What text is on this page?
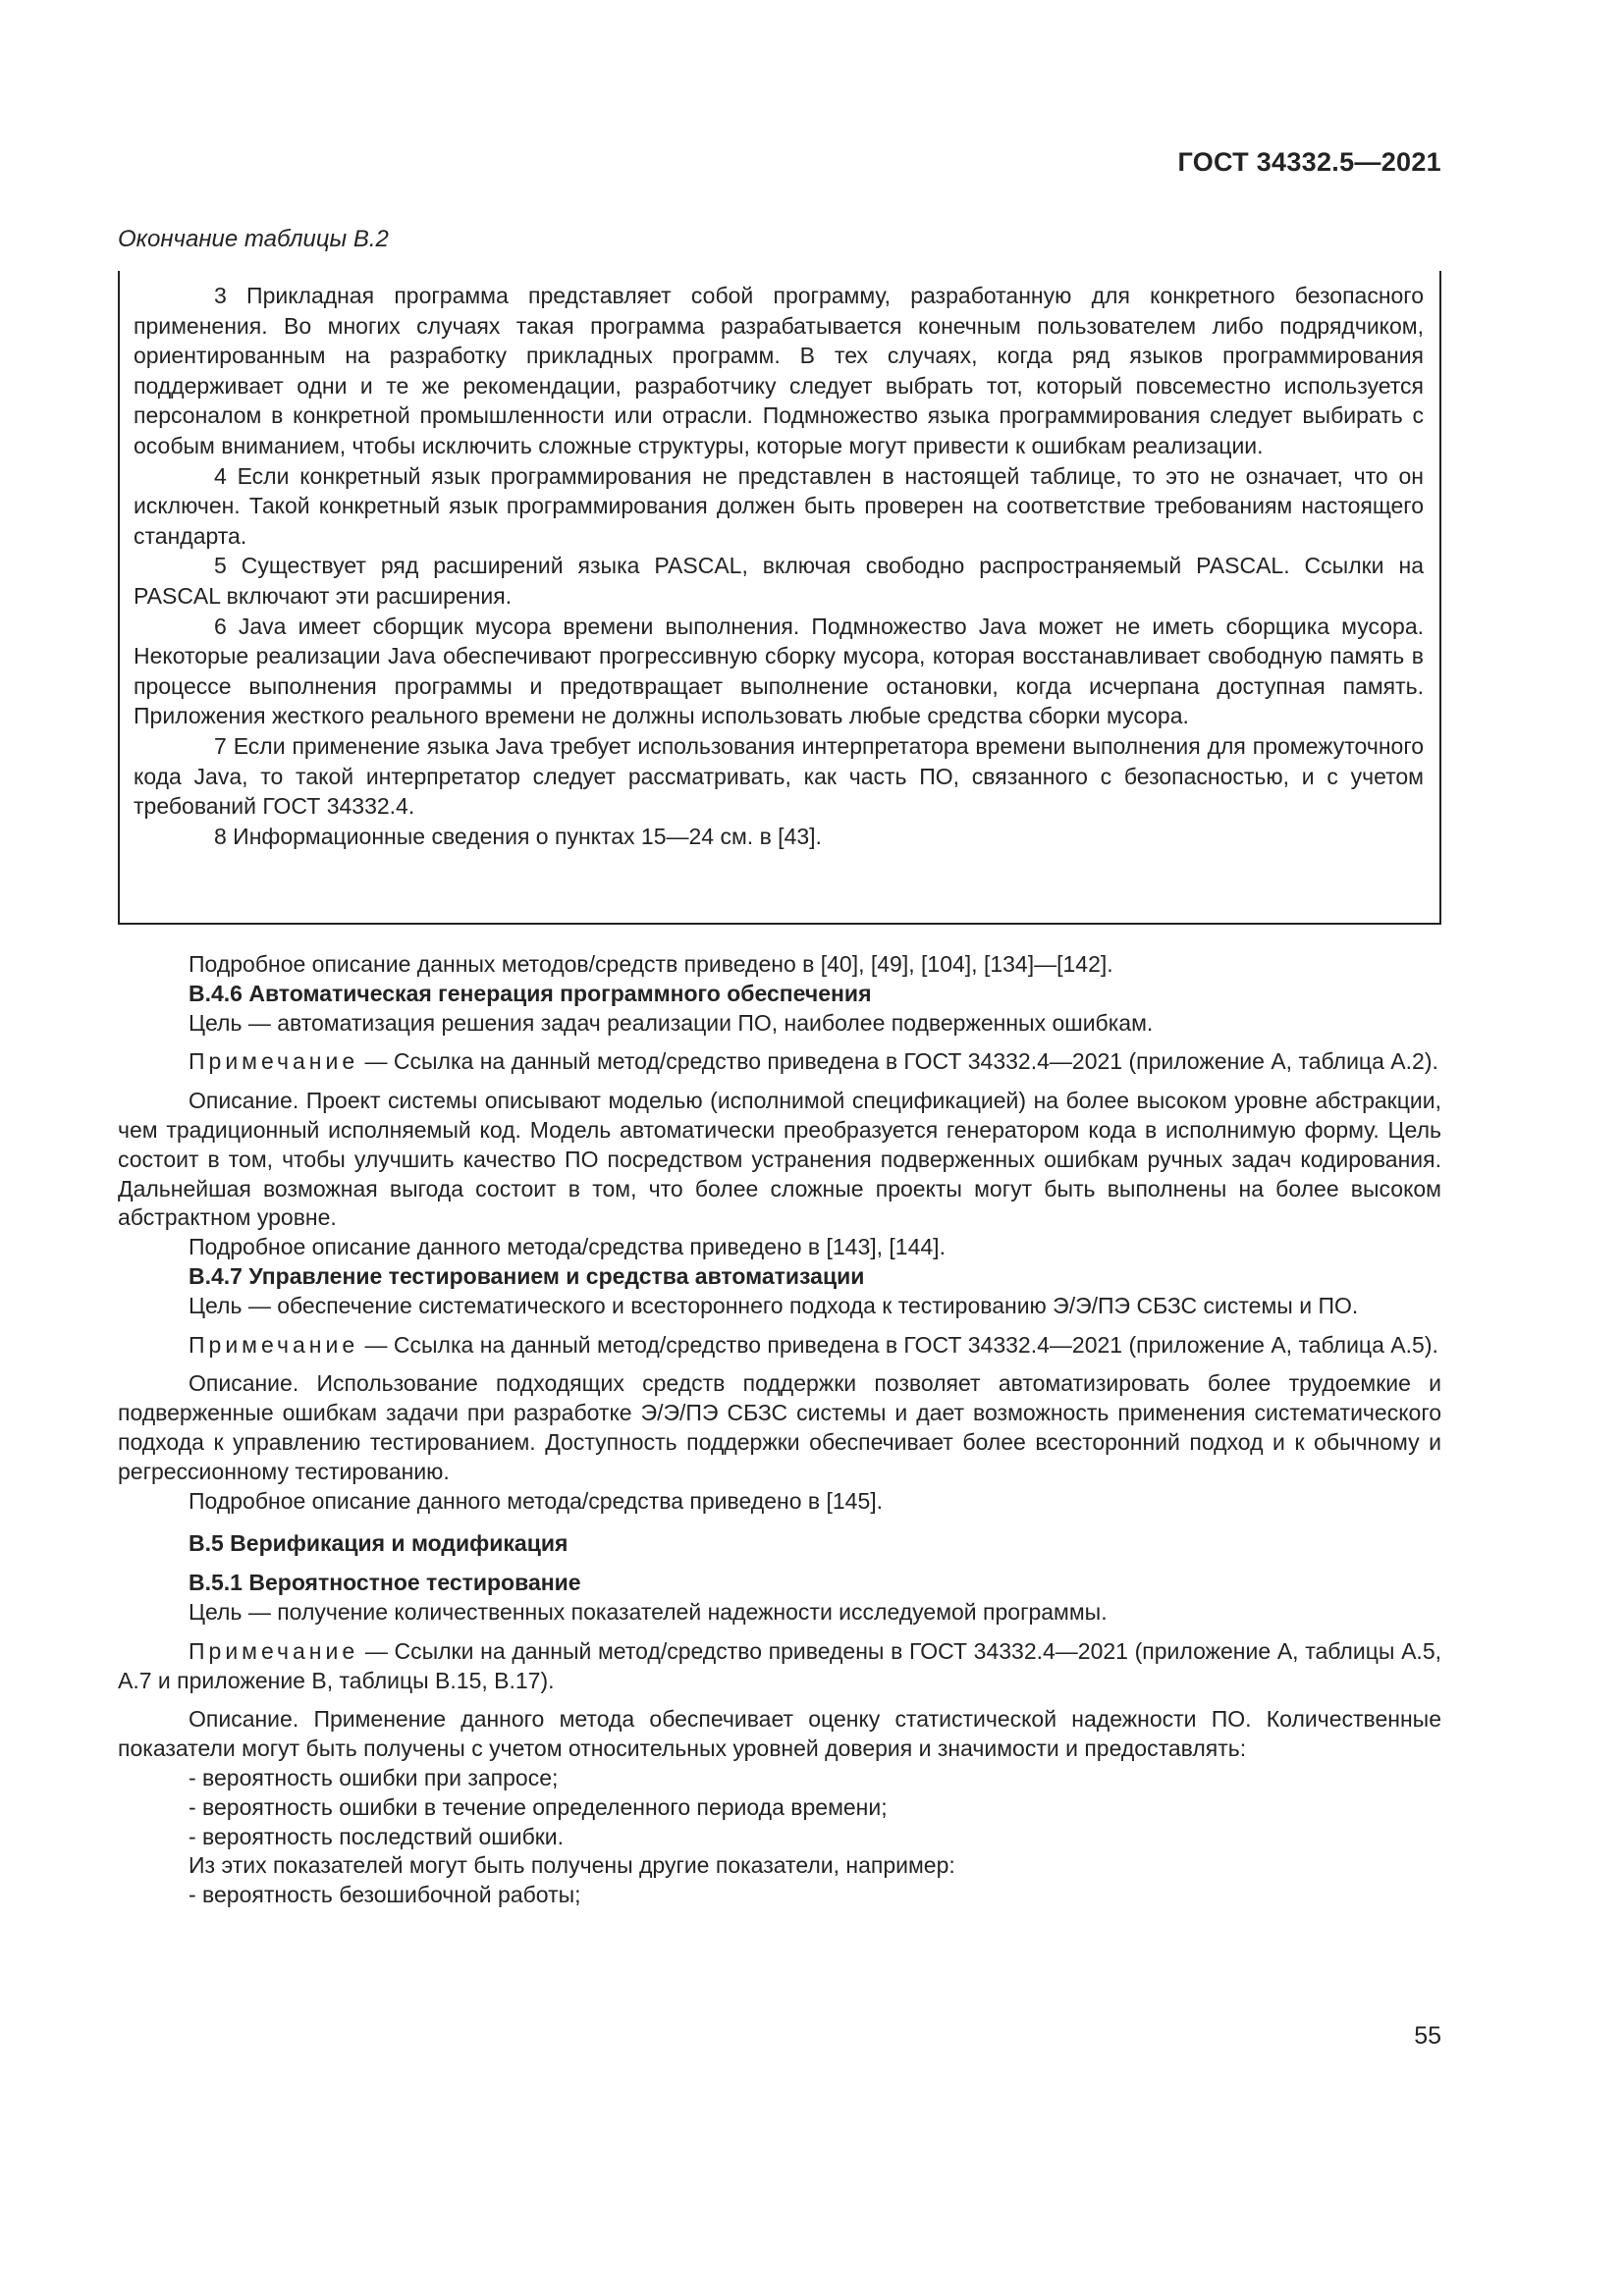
ГОСТ 34332.5—2021
Окончание таблицы В.2

3 Прикладная программа представляет собой программу, разработанную для конкретного безопасного применения. Во многих случаях такая программа разрабатывается конечным пользователем либо подрядчиком, ориентированным на разработку прикладных программ. В тех случаях, когда ряд языков программирования поддерживает одни и те же рекомендации, разработчику следует выбрать тот, который повсеместно используется персоналом в конкретной промышленности или отрасли. Подмножество языка программирования следует выбирать с особым вниманием, чтобы исключить сложные структуры, которые могут привести к ошибкам реализации.

4 Если конкретный язык программирования не представлен в настоящей таблице, то это не означает, что он исключен. Такой конкретный язык программирования должен быть проверен на соответствие требованиям настоящего стандарта.

5 Существует ряд расширений языка PASCAL, включая свободно распространяемый PASCAL. Ссылки на PASCAL включают эти расширения.

6 Java имеет сборщик мусора времени выполнения. Подмножество Java может не иметь сборщика мусора. Некоторые реализации Java обеспечивают прогрессивную сборку мусора, которая восстанавливает свободную память в процессе выполнения программы и предотвращает выполнение остановки, когда исчерпана доступная память. Приложения жесткого реального времени не должны использовать любые средства сборки мусора.

7 Если применение языка Java требует использования интерпретатора времени выполнения для промежуточного кода Java, то такой интерпретатор следует рассматривать, как часть ПО, связанного с безопасностью, и с учетом требований ГОСТ 34332.4.

8 Информационные сведения о пунктах 15—24 см. в [43].

Подробное описание данных методов/средств приведено в [40], [49], [104], [134]—[142].

В.4.6 Автоматическая генерация программного обеспечения

Цель — автоматизация решения задач реализации ПО, наиболее подверженных ошибкам.

Примечание — Ссылка на данный метод/средство приведена в ГОСТ 34332.4—2021 (приложение А, таблица А.2).

Описание. Проект системы описывают моделью (исполнимой спецификацией) на более высоком уровне абстракции, чем традиционный исполняемый код. Модель автоматически преобразуется генератором кода в исполнимую форму. Цель состоит в том, чтобы улучшить качество ПО посредством устранения подверженных ошибкам ручных задач кодирования. Дальнейшая возможная выгода состоит в том, что более сложные проекты могут быть выполнены на более высоком абстрактном уровне.

Подробное описание данного метода/средства приведено в [143], [144].

В.4.7 Управление тестированием и средства автоматизации

Цель — обеспечение систематического и всестороннего подхода к тестированию Э/Э/ПЭ СБЗС системы и ПО.

Примечание — Ссылка на данный метод/средство приведена в ГОСТ 34332.4—2021 (приложение А, таблица А.5).

Описание. Использование подходящих средств поддержки позволяет автоматизировать более трудоемкие и подверженные ошибкам задачи при разработке Э/Э/ПЭ СБЗС системы и дает возможность применения систематического подхода к управлению тестированием. Доступность поддержки обеспечивает более всесторонний подход и к обычному и регрессионному тестированию.

Подробное описание данного метода/средства приведено в [145].

В.5 Верификация и модификация

В.5.1 Вероятностное тестирование

Цель — получение количественных показателей надежности исследуемой программы.

Примечание — Ссылки на данный метод/средство приведены в ГОСТ 34332.4—2021 (приложение А, таблицы А.5, А.7 и приложение В, таблицы В.15, В.17).

Описание. Применение данного метода обеспечивает оценку статистической надежности ПО. Количественные показатели могут быть получены с учетом относительных уровней доверия и значимости и предоставлять:

- вероятность ошибки при запросе;

- вероятность ошибки в течение определенного периода времени;

- вероятность последствий ошибки.

Из этих показателей могут быть получены другие показатели, например:

- вероятность безошибочной работы;

55
